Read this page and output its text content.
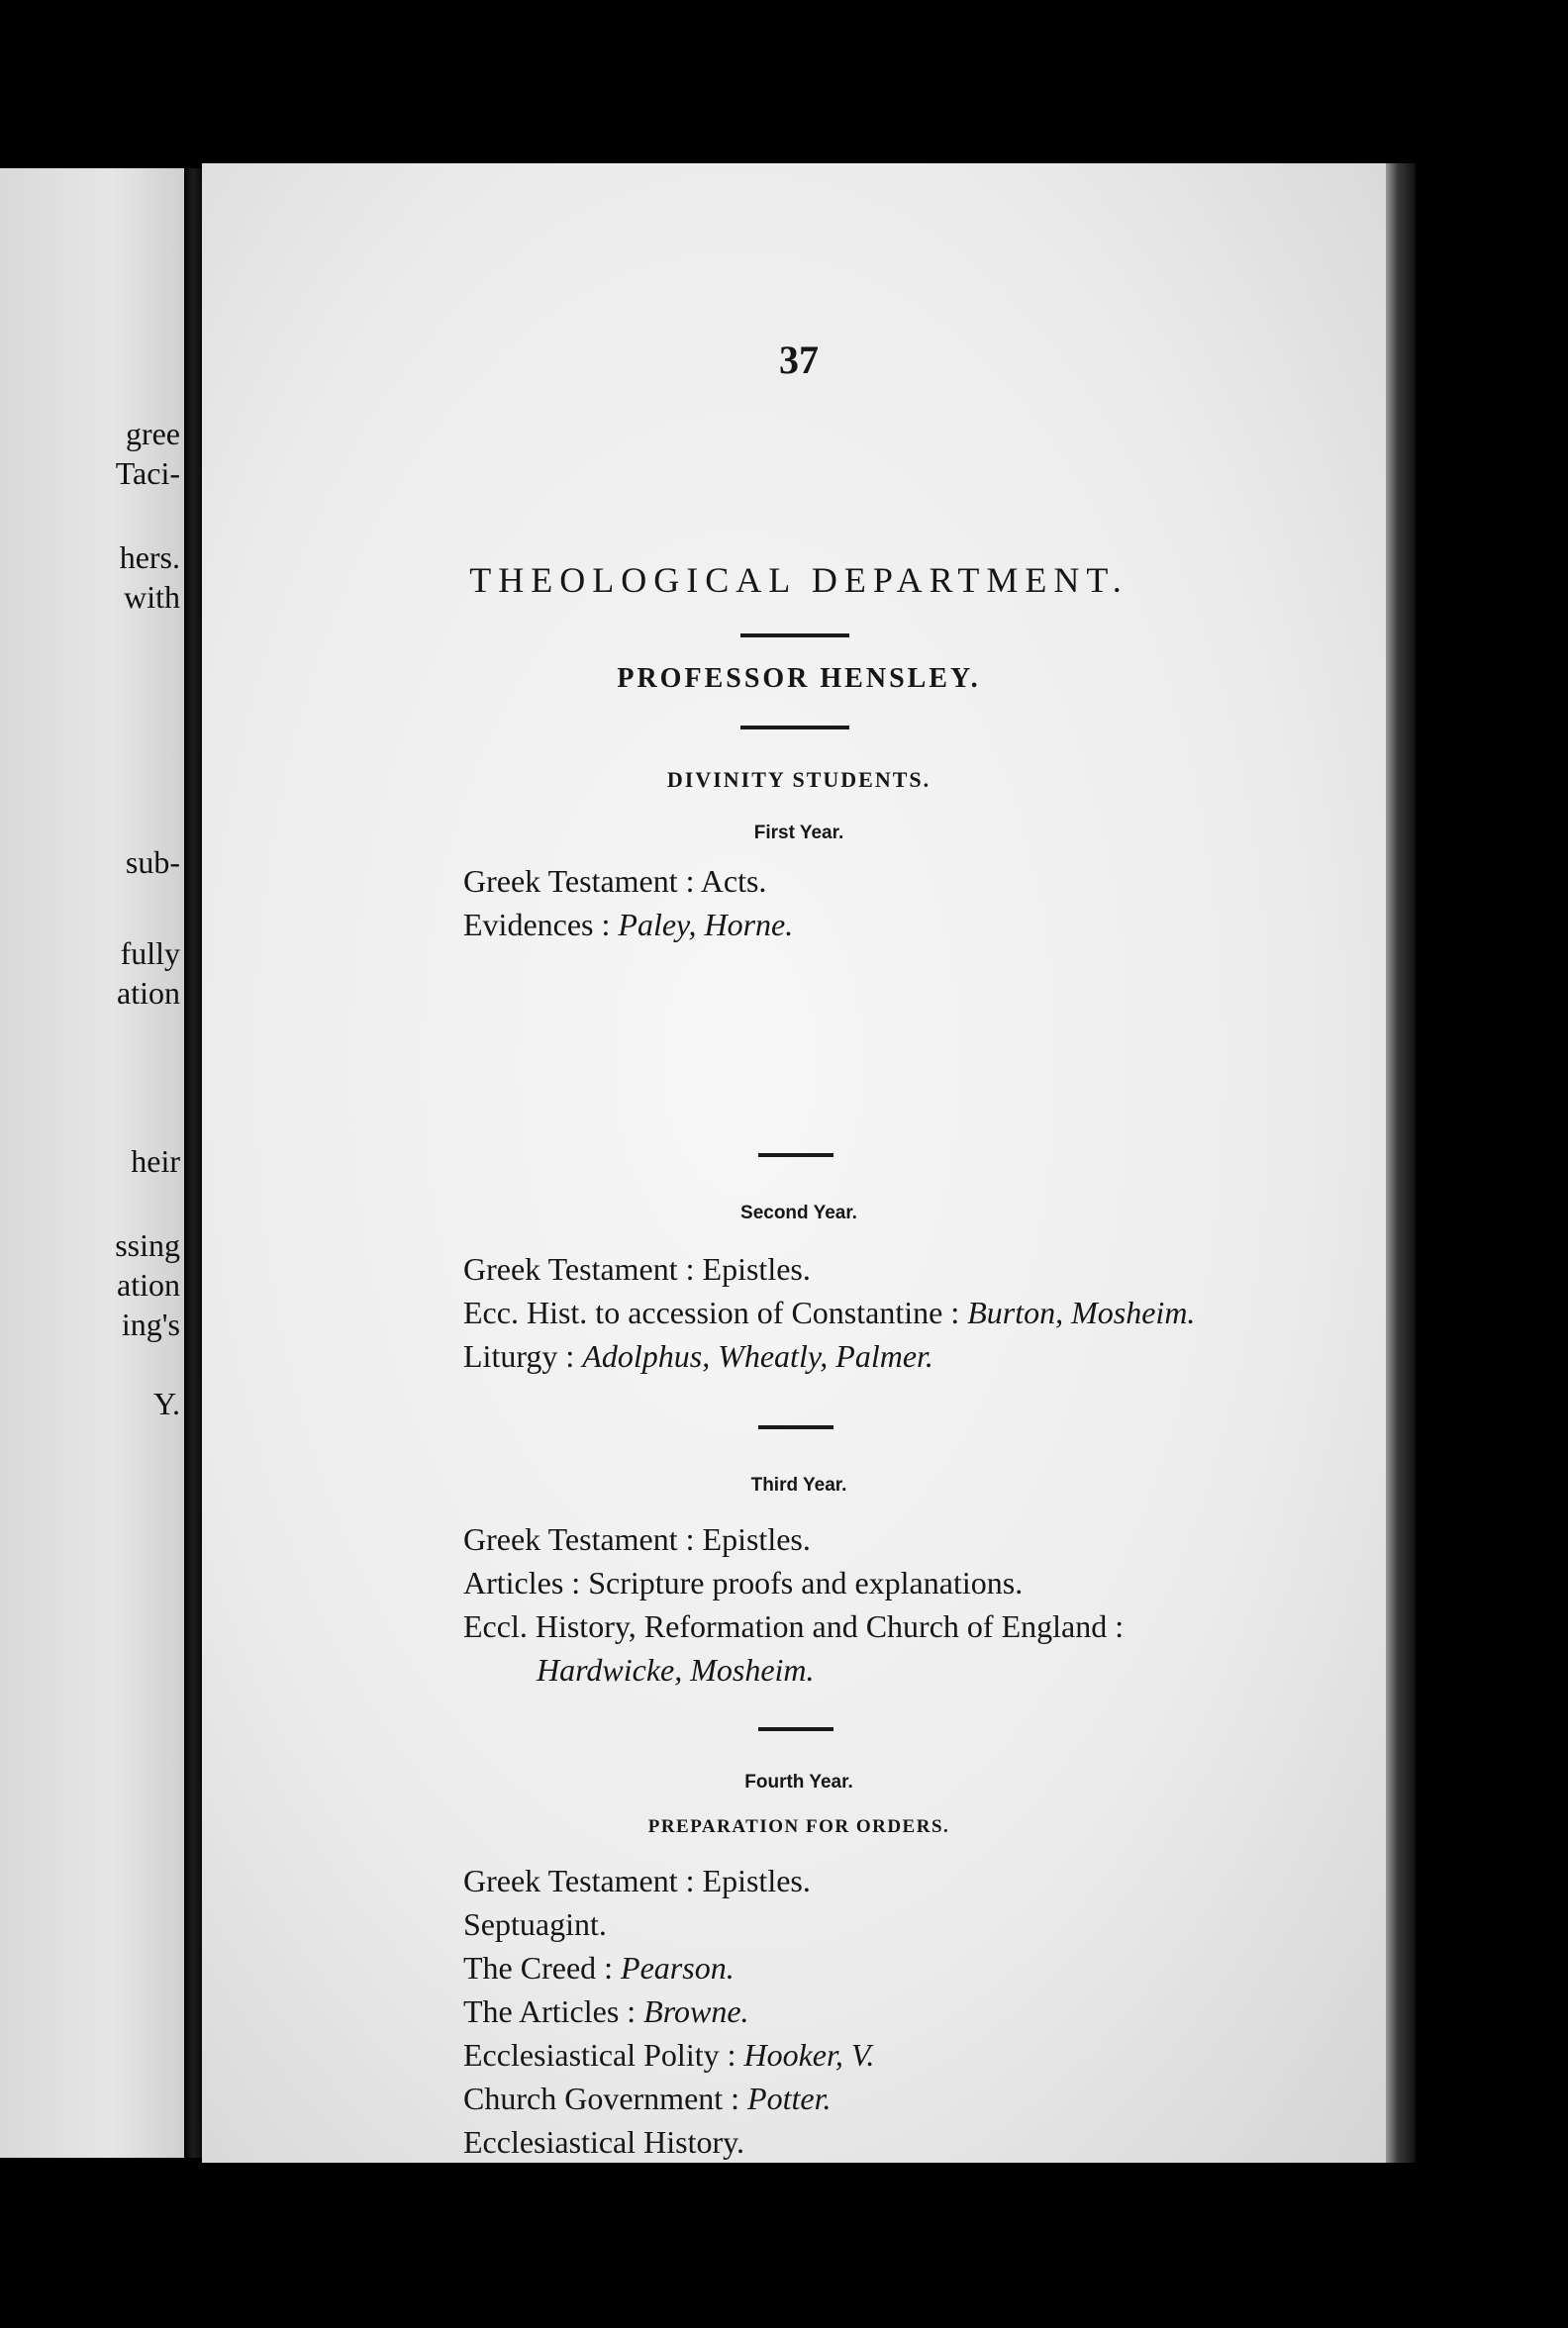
gree
Taci-
hers.
with
sub-
fully
ation
heir
ssing
ation
ing's
Y.
37
THEOLOGICAL DEPARTMENT.
PROFESSOR HENSLEY.
DIVINITY STUDENTS.
First Year.
Greek Testament : Acts.
Evidences : Paley, Horne.
Second Year.
Greek Testament : Epistles.
Ecc. Hist. to accession of Constantine : Burton, Mosheim.
Liturgy : Adolphus, Wheatly, Palmer.
Third Year.
Greek Testament : Epistles.
Articles : Scripture proofs and explanations.
Eccl. History, Reformation and Church of England :
Hardwicke, Mosheim.
Fourth Year.
PREPARATION FOR ORDERS.
Greek Testament : Epistles.
Septuagint.
The Creed : Pearson.
The Articles : Browne.
Ecclesiastical Polity : Hooker, V.
Church Government : Potter.
Ecclesiastical History.
